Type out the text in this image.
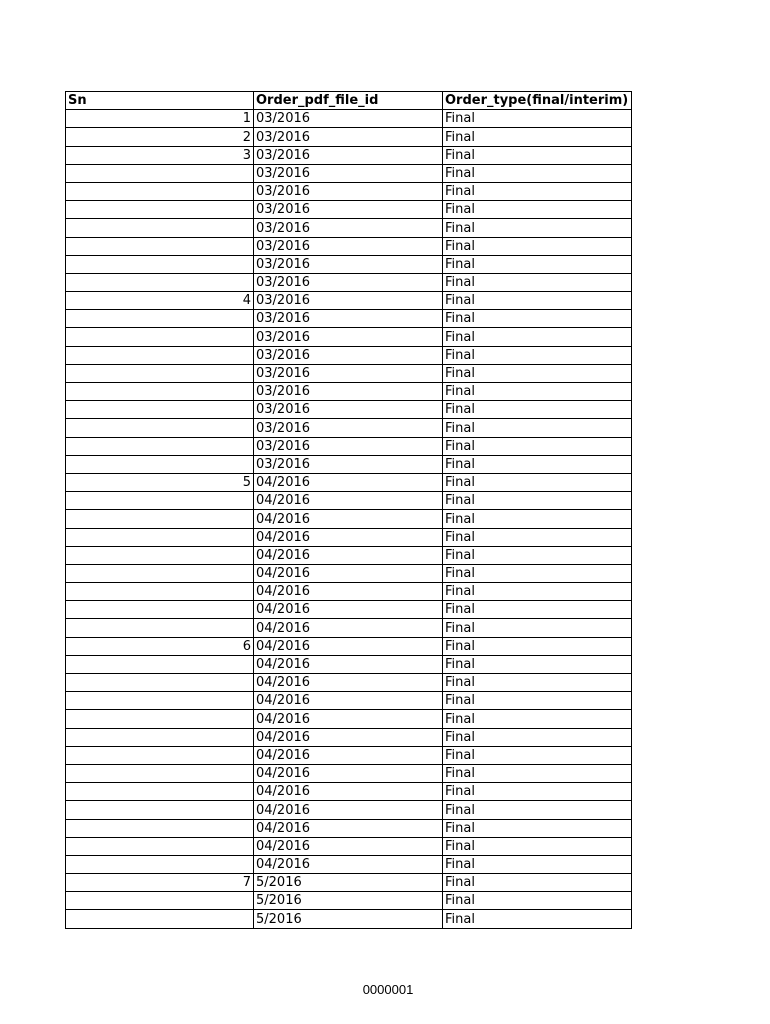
Sn	Order_pdf_file_id	Order_type(final/interim)
1	03/2016	Final
2	03/2016	Final
3	03/2016	Final
	03/2016	Final
	03/2016	Final
	03/2016	Final
	03/2016	Final
	03/2016	Final
	03/2016	Final
	03/2016	Final
4	03/2016	Final
	03/2016	Final
	03/2016	Final
	03/2016	Final
	03/2016	Final
	03/2016	Final
	03/2016	Final
	03/2016	Final
	03/2016	Final
	03/2016	Final
5	04/2016	Final
	04/2016	Final
	04/2016	Final
	04/2016	Final
	04/2016	Final
	04/2016	Final
	04/2016	Final
	04/2016	Final
	04/2016	Final
6	04/2016	Final
	04/2016	Final
	04/2016	Final
	04/2016	Final
	04/2016	Final
	04/2016	Final
	04/2016	Final
	04/2016	Final
	04/2016	Final
	04/2016	Final
	04/2016	Final
	04/2016	Final
	04/2016	Final
7	5/2016	Final
	5/2016	Final
	5/2016	Final
0000001
